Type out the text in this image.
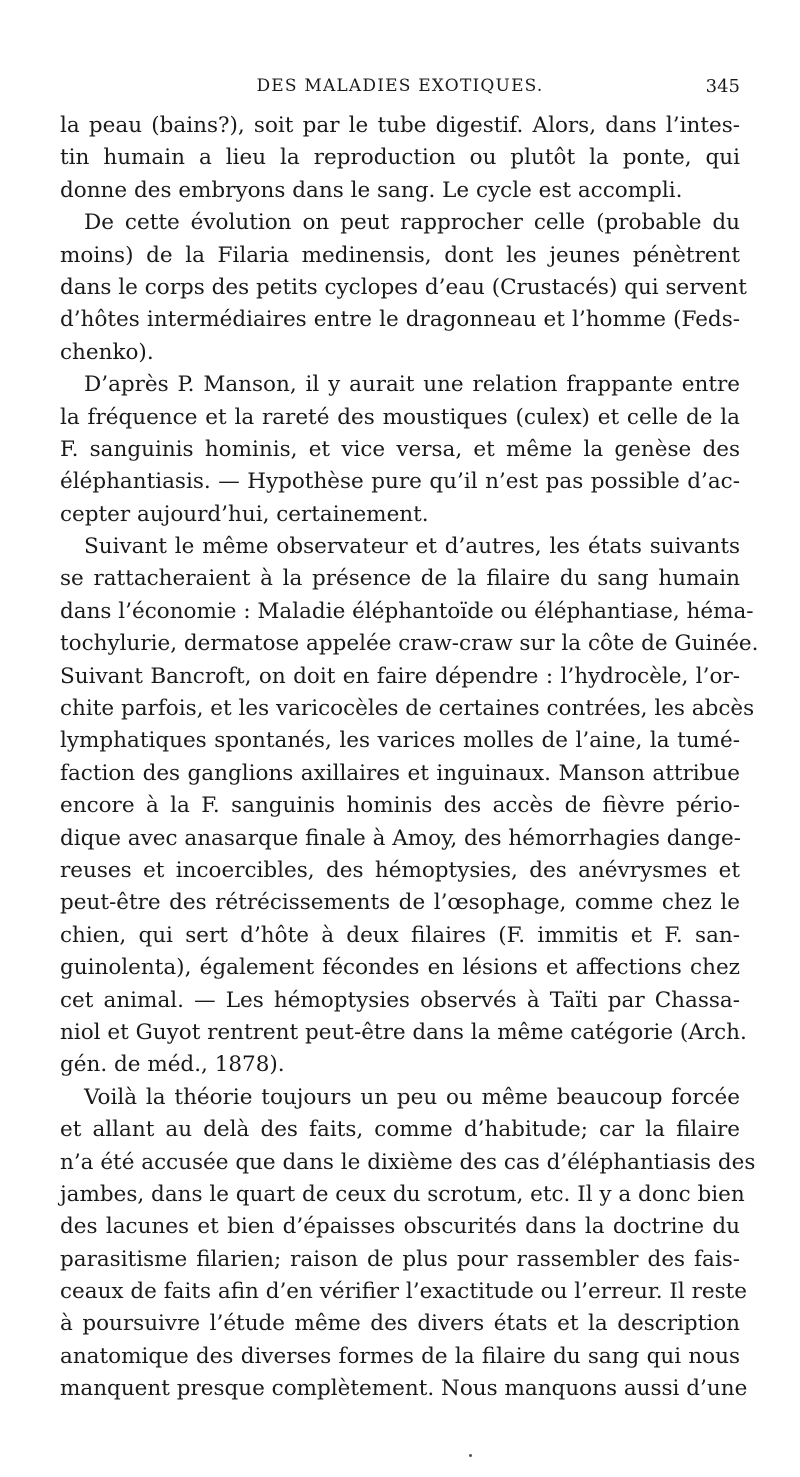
DES MALADIES EXOTIQUES.	345
la peau (bains?), soit par le tube digestif. Alors, dans l’intes-
tin humain a lieu la reproduction ou plutôt la ponte, qui
donne des embryons dans le sang. Le cycle est accompli.
De cette évolution on peut rapprocher celle (probable du
moins) de la Filaria medinensis, dont les jeunes pénètrent
dans le corps des petits cyclopes d’eau (Crustacés) qui servent
d’hôtes intermédiaires entre le dragonneau et l’homme (Feds-
chenko).
D’après P. Manson, il y aurait une relation frappante entre
la fréquence et la rareté des moustiques (culex) et celle de la
F. sanguinis hominis, et vice versa, et même la genèse des
éléphantiasis. — Hypothèse pure qu’il n’est pas possible d’ac-
cepter aujourd’hui, certainement.
Suivant le même observateur et d’autres, les états suivants
se rattacheraient à la présence de la filaire du sang humain
dans l’économie : Maladie éléphantoïde ou éléphantiase, héma-
tochylurie, dermatose appelée craw-craw sur la côte de Guinée.
Suivant Bancroft, on doit en faire dépendre : l’hydrocèle, l’or-
chite parfois, et les varicocèles de certaines contrées, les abcès
lymphatiques spontanés, les varices molles de l’aine, la tumé-
faction des ganglions axillaires et inguinaux. Manson attribue
encore à la F. sanguinis hominis des accès de fièvre pério-
dique avec anasarque finale à Amoy, des hémorrhagies dange-
reuses et incoercibles, des hémoptysies, des anévrysmes et
peut-être des rétrécissements de l’œsophage, comme chez le
chien, qui sert d’hôte à deux filaires (F. immitis et F. san-
guinolenta), également fécondes en lésions et affections chez
cet animal. — Les hémoptysies observés à Taïti par Chassa-
niol et Guyot rentrent peut-être dans la même catégorie (Arch.
gén. de méd., 1878).
Voilà la théorie toujours un peu ou même beaucoup forcée
et allant au delà des faits, comme d’habitude; car la filaire
n’a été accusée que dans le dixième des cas d’éléphantiasis des
jambes, dans le quart de ceux du scrotum, etc. Il y a donc bien
des lacunes et bien d’épaisses obscurités dans la doctrine du
parasitisme filarien; raison de plus pour rassembler des fais-
ceaux de faits afin d’en vérifier l’exactitude ou l’erreur. Il reste
à poursuivre l’étude même des divers états et la description
anatomique des diverses formes de la filaire du sang qui nous
manquent presque complètement. Nous manquons aussi d’une
